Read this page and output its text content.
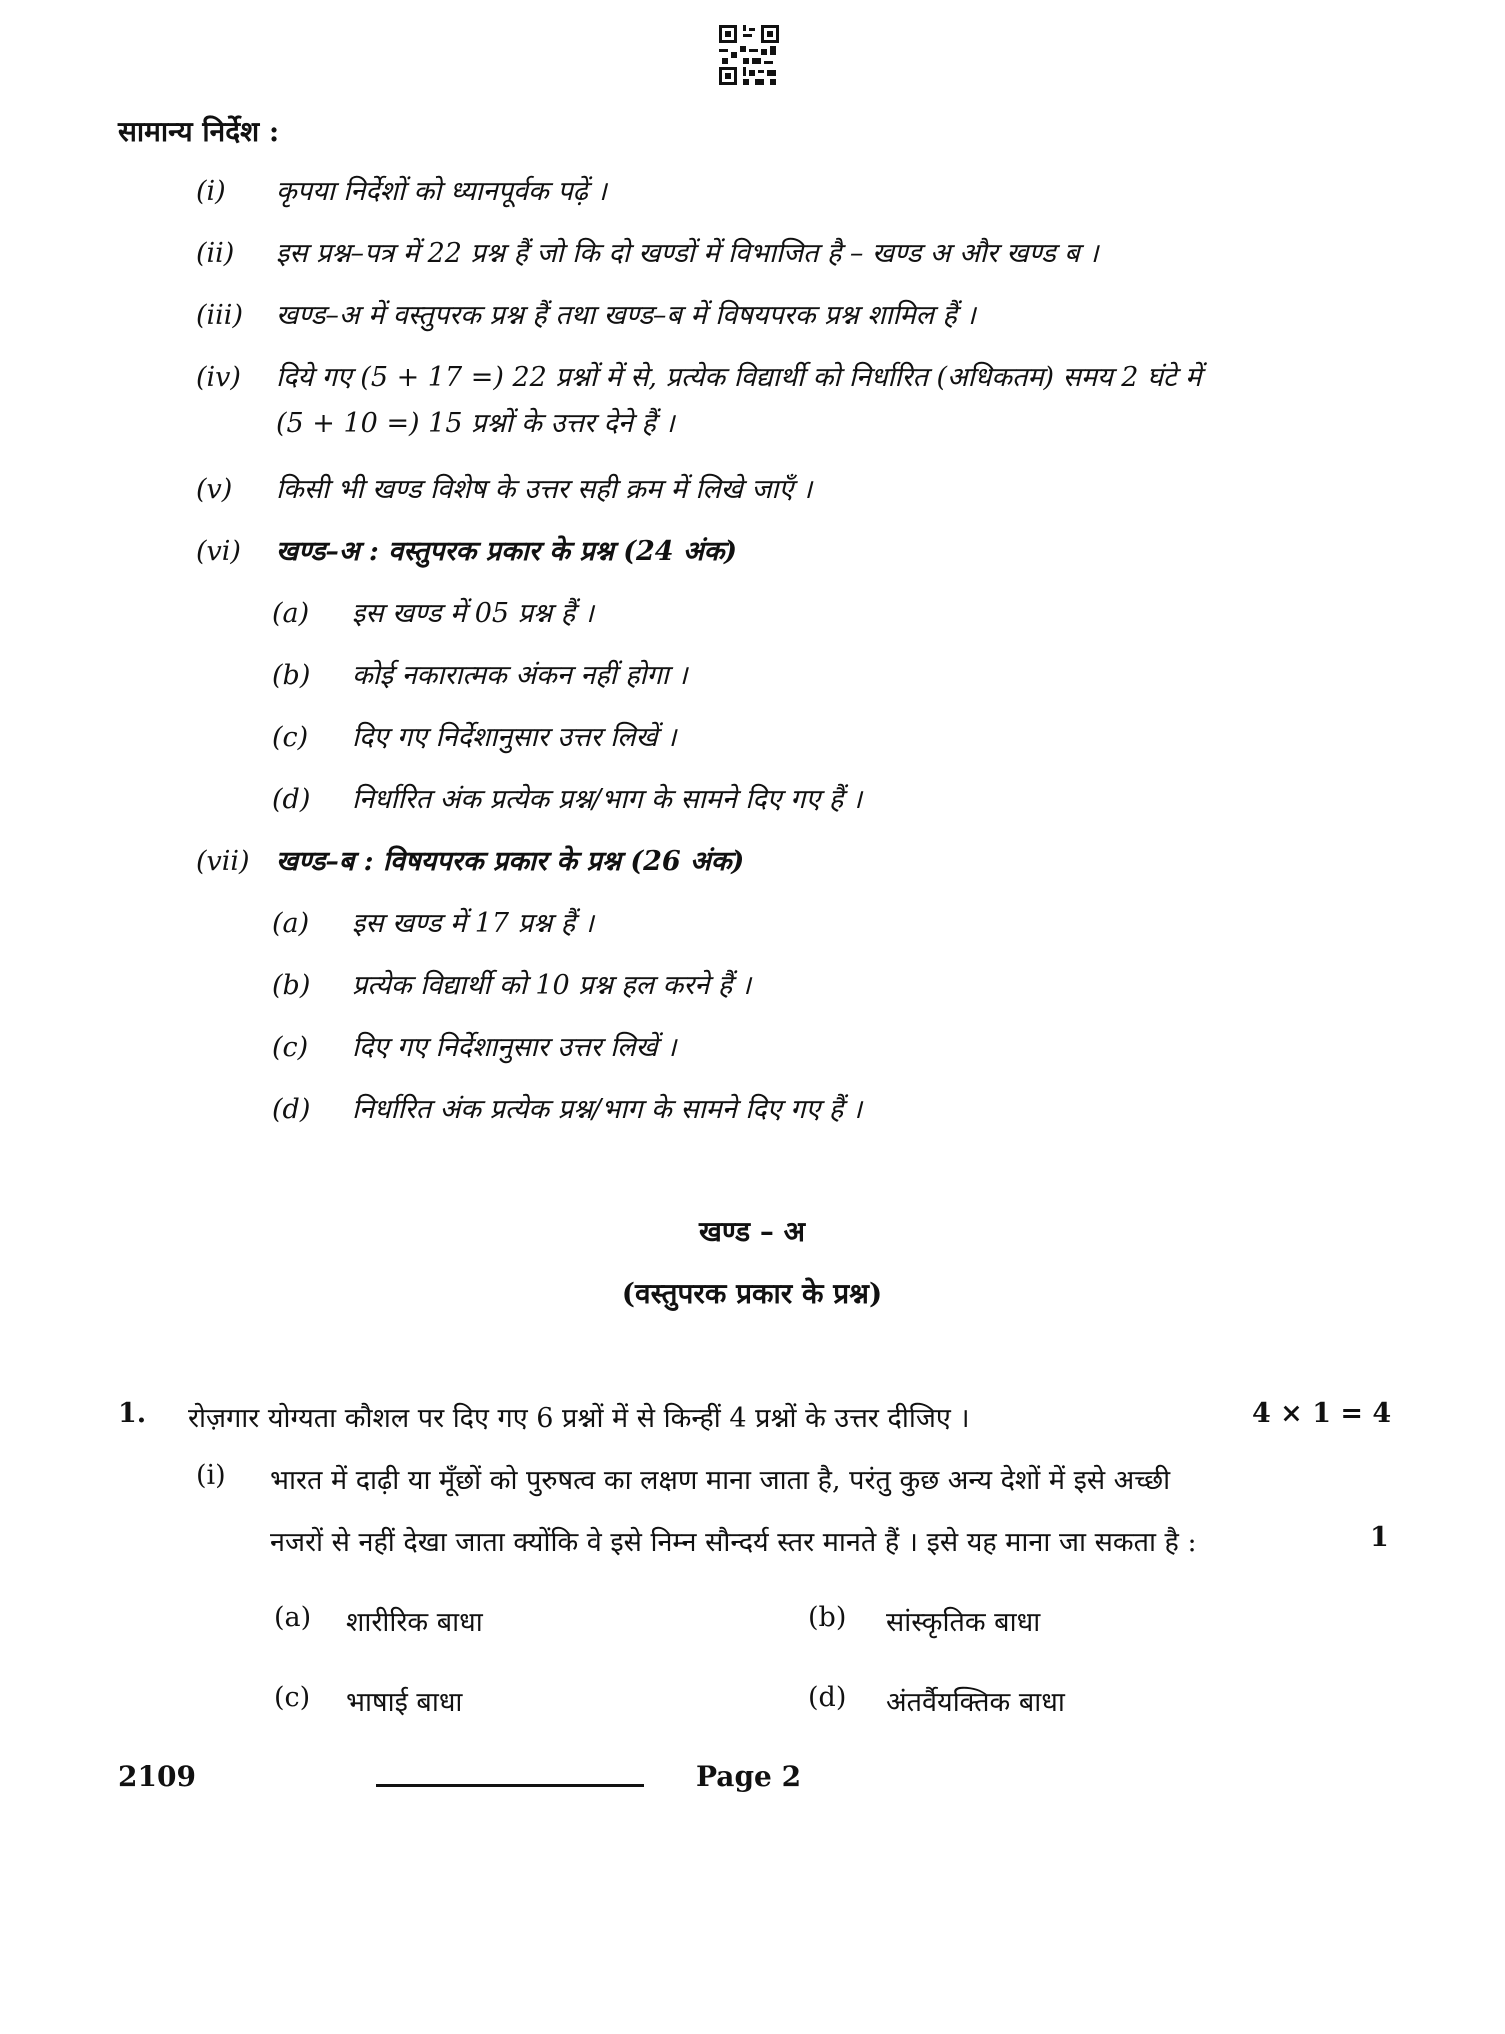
सामान्य निर्देश :
(i) कृपया निर्देशों को ध्यानपूर्वक पढ़ें ।
(ii) इस प्रश्न–पत्र में 22 प्रश्न हैं जो कि दो खण्डों में विभाजित है – खण्ड अ और खण्ड ब ।
(iii) खण्ड–अ में वस्तुपरक प्रश्न हैं तथा खण्ड–ब में विषयपरक प्रश्न शामिल हैं ।
(iv) दिये गए (5 + 17 =) 22 प्रश्नों में से, प्रत्येक विद्यार्थी को निर्धारित (अधिकतम) समय 2 घंटे में
(5 + 10 =) 15 प्रश्नों के उत्तर देने हैं ।
(v) किसी भी खण्ड विशेष के उत्तर सही क्रम में लिखे जाएँ ।
(vi) खण्ड–अ : वस्तुपरक प्रकार के प्रश्न (24 अंक)
(a) इस खण्ड में 05 प्रश्न हैं ।
(b) कोई नकारात्मक अंकन नहीं होगा ।
(c) दिए गए निर्देशानुसार उत्तर लिखें ।
(d) निर्धारित अंक प्रत्येक प्रश्न/भाग के सामने दिए गए हैं ।
(vii) खण्ड–ब : विषयपरक प्रकार के प्रश्न (26 अंक)
(a) इस खण्ड में 17 प्रश्न हैं ।
(b) प्रत्येक विद्यार्थी को 10 प्रश्न हल करने हैं ।
(c) दिए गए निर्देशानुसार उत्तर लिखें ।
(d) निर्धारित अंक प्रत्येक प्रश्न/भाग के सामने दिए गए हैं ।
खण्ड – अ
(वस्तुपरक प्रकार के प्रश्न)
1. रोज़गार योग्यता कौशल पर दिए गए 6 प्रश्नों में से किन्हीं 4 प्रश्नों के उत्तर दीजिए ।	4 × 1 = 4
(i) भारत में दाढ़ी या मूँछों को पुरुषत्व का लक्षण माना जाता है, परंतु कुछ अन्य देशों में इसे अच्छी
नजरों से नहीं देखा जाता क्योंकि वे इसे निम्न सौन्दर्य स्तर मानते हैं । इसे यह माना जा सकता है :	1
(a) शारीरिक बाधा	(b) सांस्कृतिक बाधा
(c) भाषाई बाधा	(d) अंतर्वैयक्तिक बाधा
2109	Page 2
